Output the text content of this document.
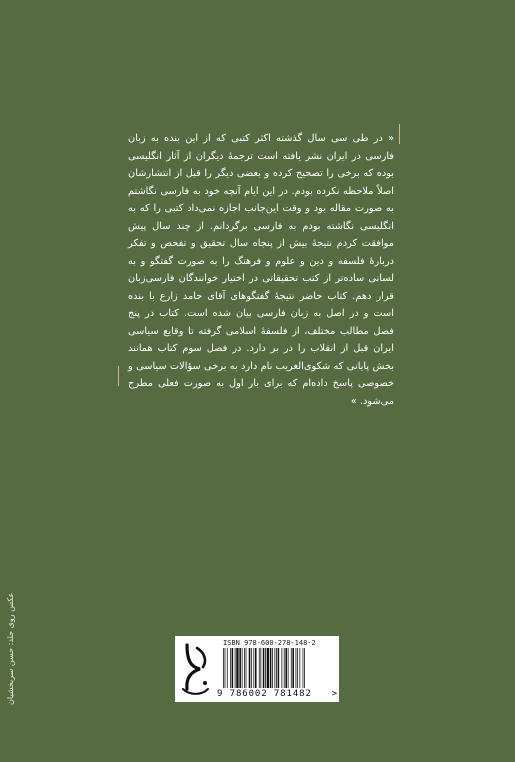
« در طی سی سال گذشته اکثر کتبی که از این بنده به زبان فارسی در ایران نشر یافته است ترجمهٔ دیگران از آثار انگلیسی بوده که برخی را تصحیح کرده و بعضی دیگر را قبل از انتشارشان اصلاً ملاحظه نکرده بودم. در این ایام آنچه خود به فارسی نگاشتم به صورت مقاله بود و وقت این‌جانب اجازه نمی‌داد کتبی را که به انگلیسی نگاشته بودم به فارسی برگردانم. از چند سال پیش موافقت کردم نتیجهٔ بیش از پنجاه سال تحقیق و تفحص و تفکر دربارهٔ فلسفه و دین و علوم و فرهنگ را به صورت گفتگو و به لسانی ساده‌تر از کتب تحقیقاتی در اختیار خوانندگان فارسی‌زبان قرار دهم. کتاب حاضر نتیجهٔ گفتگوهای آقای حامد زارع با بنده است و در اصل به زبان فارسی بیان شده است. کتاب در پنج فصل مطالب مختلف، از فلسفهٔ اسلامی گرفته تا وقایع سیاسی ایران قبل از انقلاب را در بر دارد. در فصل سوم کتاب همانند بخش پایانی که شکوی‌الغریب نام دارد به برخی سؤالات سیاسی و خصوصی پاسخ داده‌ام که برای بار اول به صورت فعلی مطرح می‌شود. »

عکس روی جلد: حسن سربخشیان	ISBN 978-600-278-148-2
9 786002 781482 >
